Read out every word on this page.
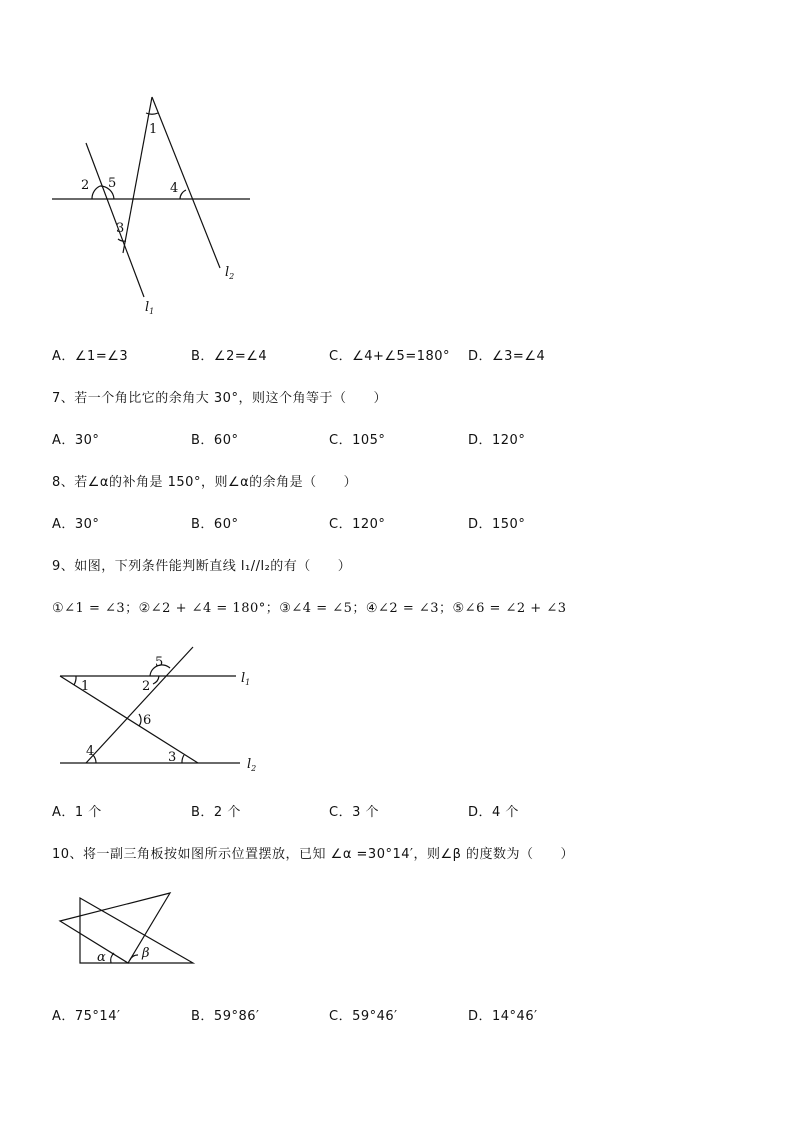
1
2 5
3
4
$l_2$
$l_1$
A．∠1=∠3	B．∠2=∠4	C．∠4+∠5=180° D．∠3=∠4
7、若一个角比它的余角大 30°，则这个角等于（　　）
A．30°	B．60°	C．105°	D．120°
8、若∠α的补角是 150°，则∠α的余角是（　　）
A．30°	B．60°	C．120°	D．150°
9、如图，下列条件能判断直线 l₁//l₂的有（　　）
①∠1 = ∠3；②∠2 + ∠4 = 180°；③∠4 = ∠5；④∠2 = ∠3；⑤∠6 = ∠2 + ∠3
5
1	2
6
4	3
$l_1$
$l_2$
A．1 个	B．2 个	C．3 个	D．4 个
10、将一副三角板按如图所示位置摆放，已知 ∠α =30°14′，则∠β 的度数为（　　）
α	β
A．75°14′	B．59°86′	C．59°46′	D．14°46′
